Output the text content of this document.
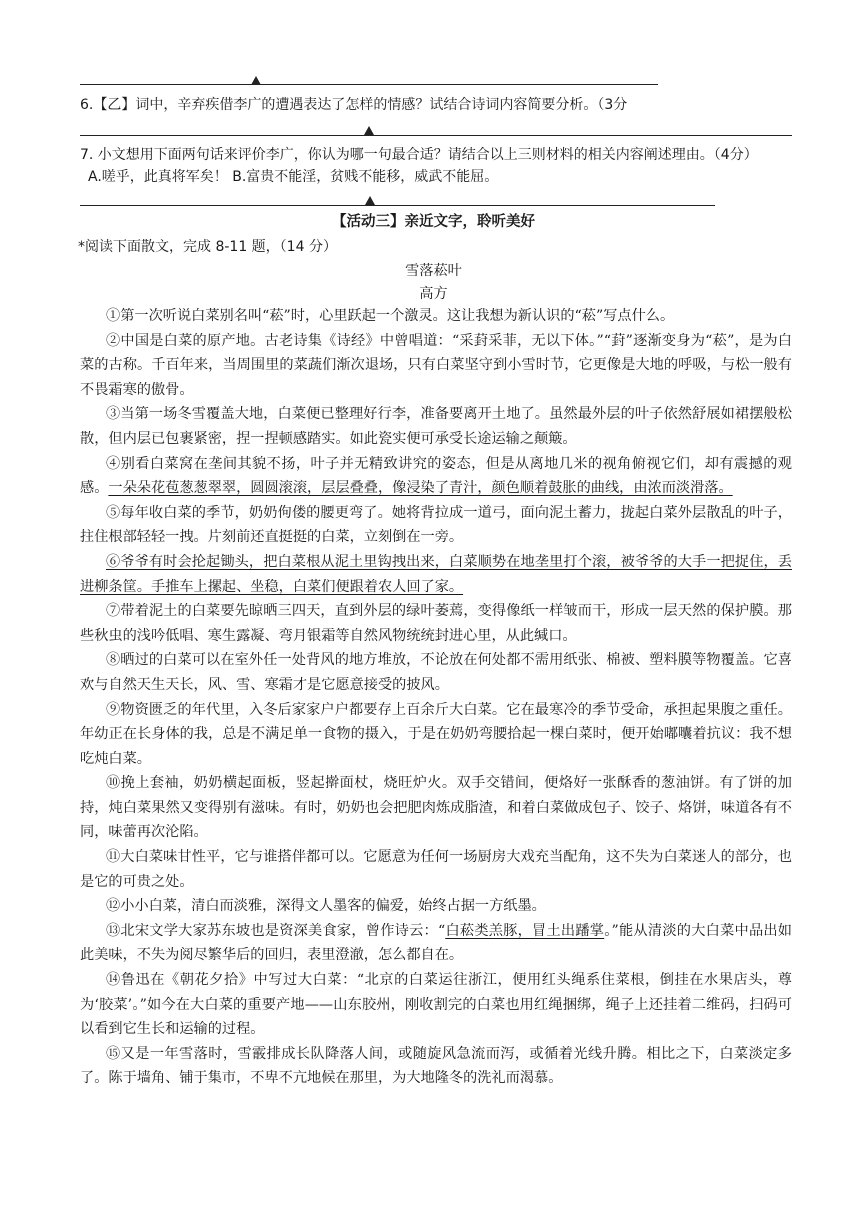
6.【乙】词中，辛弃疾借李广的遭遇表达了怎样的情感？试结合诗词内容简要分析。（3分
7. 小文想用下面两句话来评价李广，你认为哪一句最合适？请结合以上三则材料的相关内容阐述理由。（4分）
A.嗟乎，此真将军矣！ B.富贵不能淫，贫贱不能移，威武不能屈。
【活动三】亲近文字，聆听美好
*阅读下面散文，完成 8-11 题，（14 分）
雪落菘叶
高方
①第一次听说白菜别名叫“菘”时，心里跃起一个激灵。这让我想为新认识的“菘”写点什么。
②中国是白菜的原产地。古老诗集《诗经》中曾唱道：“采葑采菲，无以下体。”“葑”逐渐变身为“菘”，是为白菜的古称。千百年来，当周围里的菜蔬们渐次退场，只有白菜坚守到小雪时节，它更像是大地的呼吸，与松一般有不畏霜寒的傲骨。
③当第一场冬雪覆盖大地，白菜便已整理好行李，准备要离开土地了。虽然最外层的叶子依然舒展如裙摆般松散，但内层已包裹紧密，捏一捏顿感踏实。如此瓷实便可承受长途运输之颠簸。
④别看白菜窝在垄间其貌不扬，叶子并无精致讲究的姿态，但是从离地几米的视角俯视它们，却有震撼的观感。一朵朵花苞葱葱翠翠，圆圆滚滚，层层叠叠，像浸染了青汁，颜色顺着鼓胀的曲线，由浓而淡滑落。
⑤每年收白菜的季节，奶奶佝偻的腰更弯了。她将背拉成一道弓，面向泥土蓄力，拢起白菜外层散乱的叶子，拄住根部轻轻一拽。片刻前还直挺挺的白菜，立刻倒在一旁。
⑥爷爷有时会抡起锄头，把白菜根从泥土里钩拽出来，白菜顺势在地垄里打个滚，被爷爷的大手一把捉住，丢进柳条筐。手推车上摞起、坐稳，白菜们便跟着农人回了家。
⑦带着泥土的白菜要先晾晒三四天，直到外层的绿叶萎蔫，变得像纸一样皱而干，形成一层天然的保护膜。那些秋虫的浅吟低唱、寒生露凝、弯月银霜等自然风物统统封进心里，从此缄口。
⑧晒过的白菜可以在室外任一处背风的地方堆放，不论放在何处都不需用纸张、棉被、塑料膜等物覆盖。它喜欢与自然天生天长，风、雪、寒霜才是它愿意接受的披风。
⑨物资匮乏的年代里，入冬后家家户户都要存上百余斤大白菜。它在最寒冷的季节受命，承担起果腹之重任。年幼正在长身体的我，总是不满足单一食物的摄入，于是在奶奶弯腰拾起一棵白菜时，便开始嘟囔着抗议：我不想吃炖白菜。
⑩挽上套袖，奶奶横起面板，竖起擀面杖，烧旺炉火。双手交错间，便烙好一张酥香的葱油饼。有了饼的加持，炖白菜果然又变得别有滋味。有时，奶奶也会把肥肉炼成脂渣，和着白菜做成包子、饺子、烙饼，味道各有不同，味蕾再次沦陷。
⑪大白菜味甘性平，它与谁搭伴都可以。它愿意为任何一场厨房大戏充当配角，这不失为白菜迷人的部分，也是它的可贵之处。
⑫小小白菜，清白而淡雅，深得文人墨客的偏爱，始终占据一方纸墨。
⑬北宋文学大家苏东坡也是资深美食家，曾作诗云：“白菘类羔豚，冒土出蹯掌。”能从清淡的大白菜中品出如此美味，不失为阅尽繁华后的回归，表里澄澈，怎么都自在。
⑭鲁迅在《朝花夕拾》中写过大白菜：“北京的白菜运往浙江，便用红头绳系住菜根，倒挂在水果店头，尊为‘胶菜’。”如今在大白菜的重要产地——山东胶州，刚收割完的白菜也用红绳捆绑，绳子上还挂着二维码，扫码可以看到它生长和运输的过程。
⑮又是一年雪落时，雪霰排成长队降落人间，或随旋风急流而泻，或循着光线升腾。相比之下，白菜淡定多了。陈于墙角、铺于集市，不卑不亢地候在那里，为大地隆冬的洗礼而渴慕。
